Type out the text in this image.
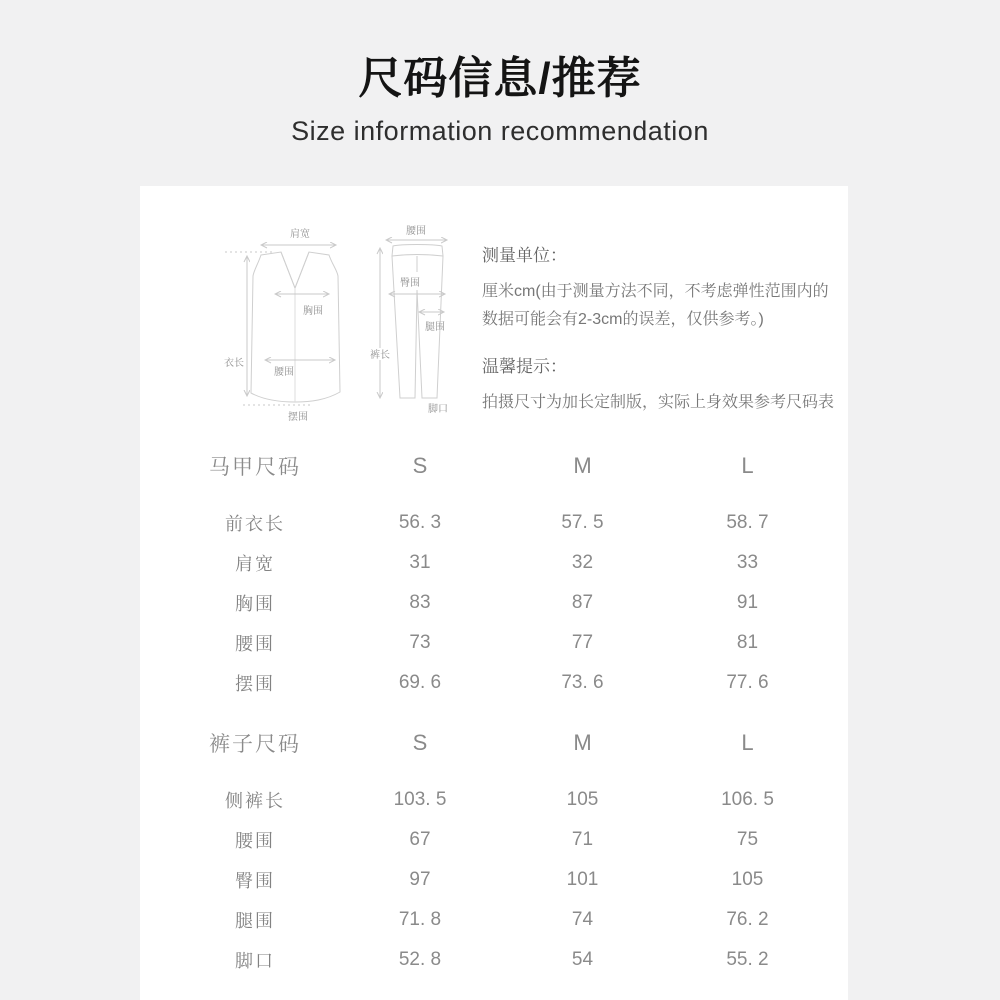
尺码信息/推荐
Size information recommendation
肩宽
衣长
胸围
腰围
摆围
腰围
臀围
腿围
裤长
脚口
测量单位：
厘米cm(由于测量方法不同，不考虑弹性范围内的
数据可能会有2-3cm的误差，仅供参考。)
温馨提示：
拍摄尺寸为加长定制版，实际上身效果参考尺码表
马甲尺码	S	M	L
前衣长	56. 3	57. 5	58. 7
肩宽	31	32	33
胸围	83	87	91
腰围	73	77	81
摆围	69. 6	73. 6	77. 6
裤子尺码	S	M	L
侧裤长	103. 5	105	106. 5
腰围	67	71	75
臀围	97	101	105
腿围	71. 8	74	76. 2
脚口	52. 8	54	55. 2
